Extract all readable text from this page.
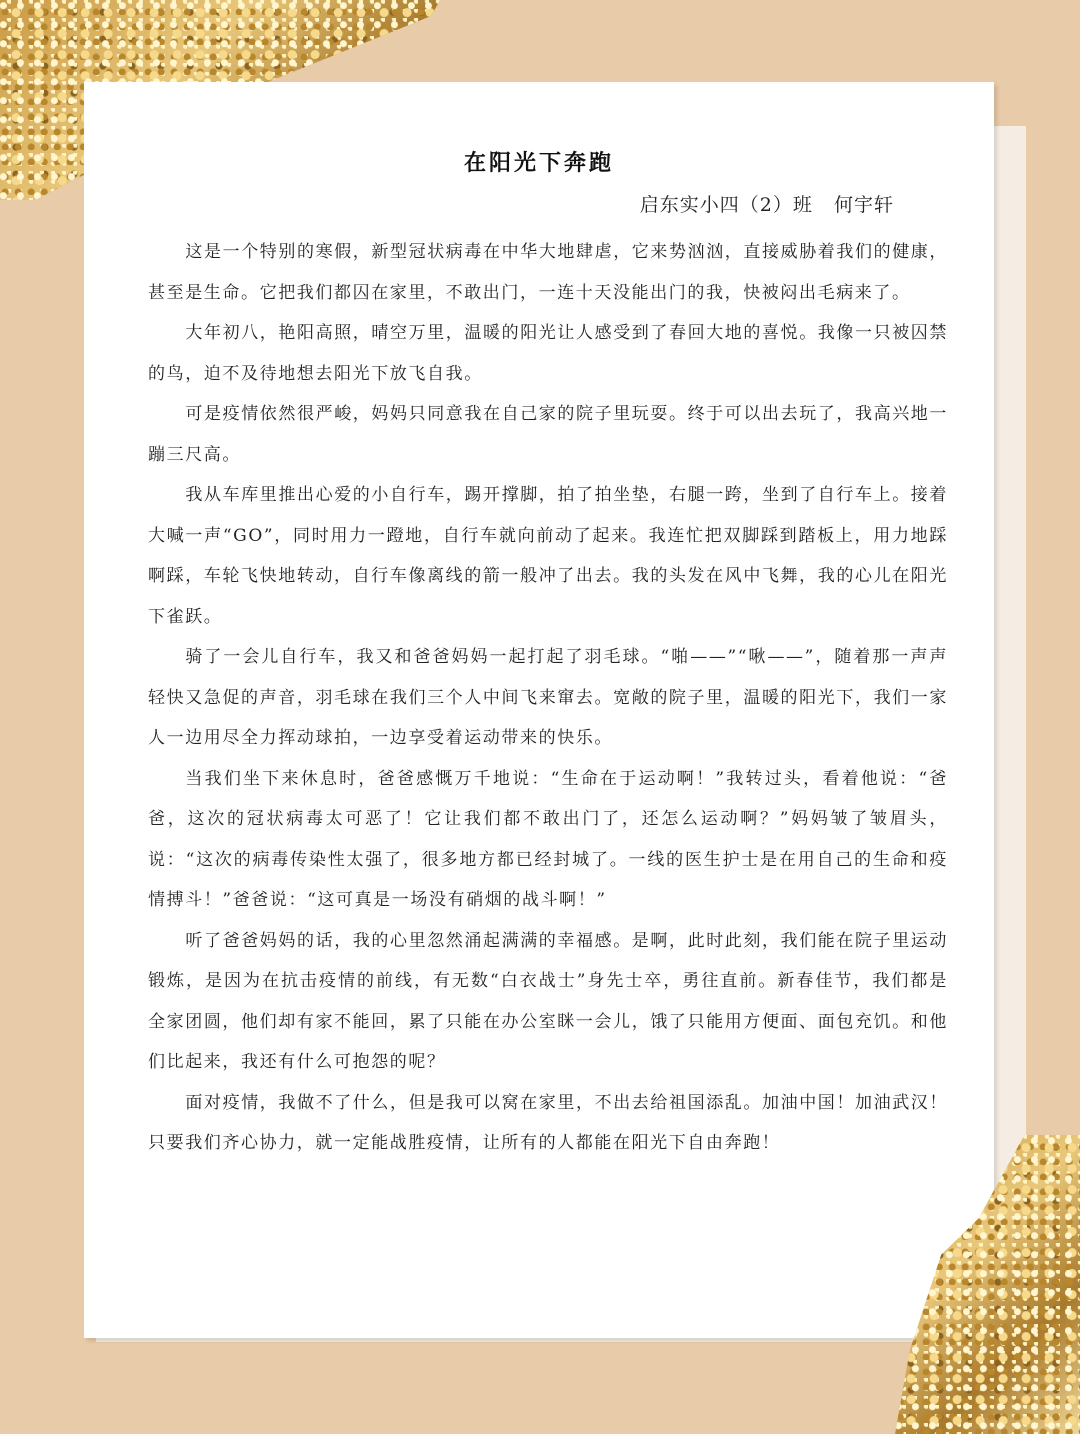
在阳光下奔跑
启东实小四（2）班   何宇轩

这是一个特别的寒假，新型冠状病毒在中华大地肆虐，它来势汹汹，直接威胁着我们的健康，甚至是生命。它把我们都囚在家里，不敢出门，一连十天没能出门的我，快被闷出毛病来了。

大年初八，艳阳高照，晴空万里，温暖的阳光让人感受到了春回大地的喜悦。我像一只被囚禁的鸟，迫不及待地想去阳光下放飞自我。

可是疫情依然很严峻，妈妈只同意我在自己家的院子里玩耍。终于可以出去玩了，我高兴地一蹦三尺高。

我从车库里推出心爱的小自行车，踢开撑脚，拍了拍坐垫，右腿一跨，坐到了自行车上。接着大喊一声“GO”，同时用力一蹬地，自行车就向前动了起来。我连忙把双脚踩到踏板上，用力地踩啊踩，车轮飞快地转动，自行车像离线的箭一般冲了出去。我的头发在风中飞舞，我的心儿在阳光下雀跃。

骑了一会儿自行车，我又和爸爸妈妈一起打起了羽毛球。“啪——”“啾——”，随着那一声声轻快又急促的声音，羽毛球在我们三个人中间飞来窜去。宽敞的院子里，温暖的阳光下，我们一家人一边用尽全力挥动球拍，一边享受着运动带来的快乐。

当我们坐下来休息时，爸爸感慨万千地说：“生命在于运动啊！”我转过头，看着他说：“爸爸，这次的冠状病毒太可恶了！它让我们都不敢出门了，还怎么运动啊？”妈妈皱了皱眉头，说：“这次的病毒传染性太强了，很多地方都已经封城了。一线的医生护士是在用自己的生命和疫情搏斗！”爸爸说：“这可真是一场没有硝烟的战斗啊！”

听了爸爸妈妈的话，我的心里忽然涌起满满的幸福感。是啊，此时此刻，我们能在院子里运动锻炼，是因为在抗击疫情的前线，有无数“白衣战士”身先士卒，勇往直前。新春佳节，我们都是全家团圆，他们却有家不能回，累了只能在办公室眯一会儿，饿了只能用方便面、面包充饥。和他们比起来，我还有什么可抱怨的呢？

面对疫情，我做不了什么，但是我可以窝在家里，不出去给祖国添乱。加油中国！加油武汉！只要我们齐心协力，就一定能战胜疫情，让所有的人都能在阳光下自由奔跑！
